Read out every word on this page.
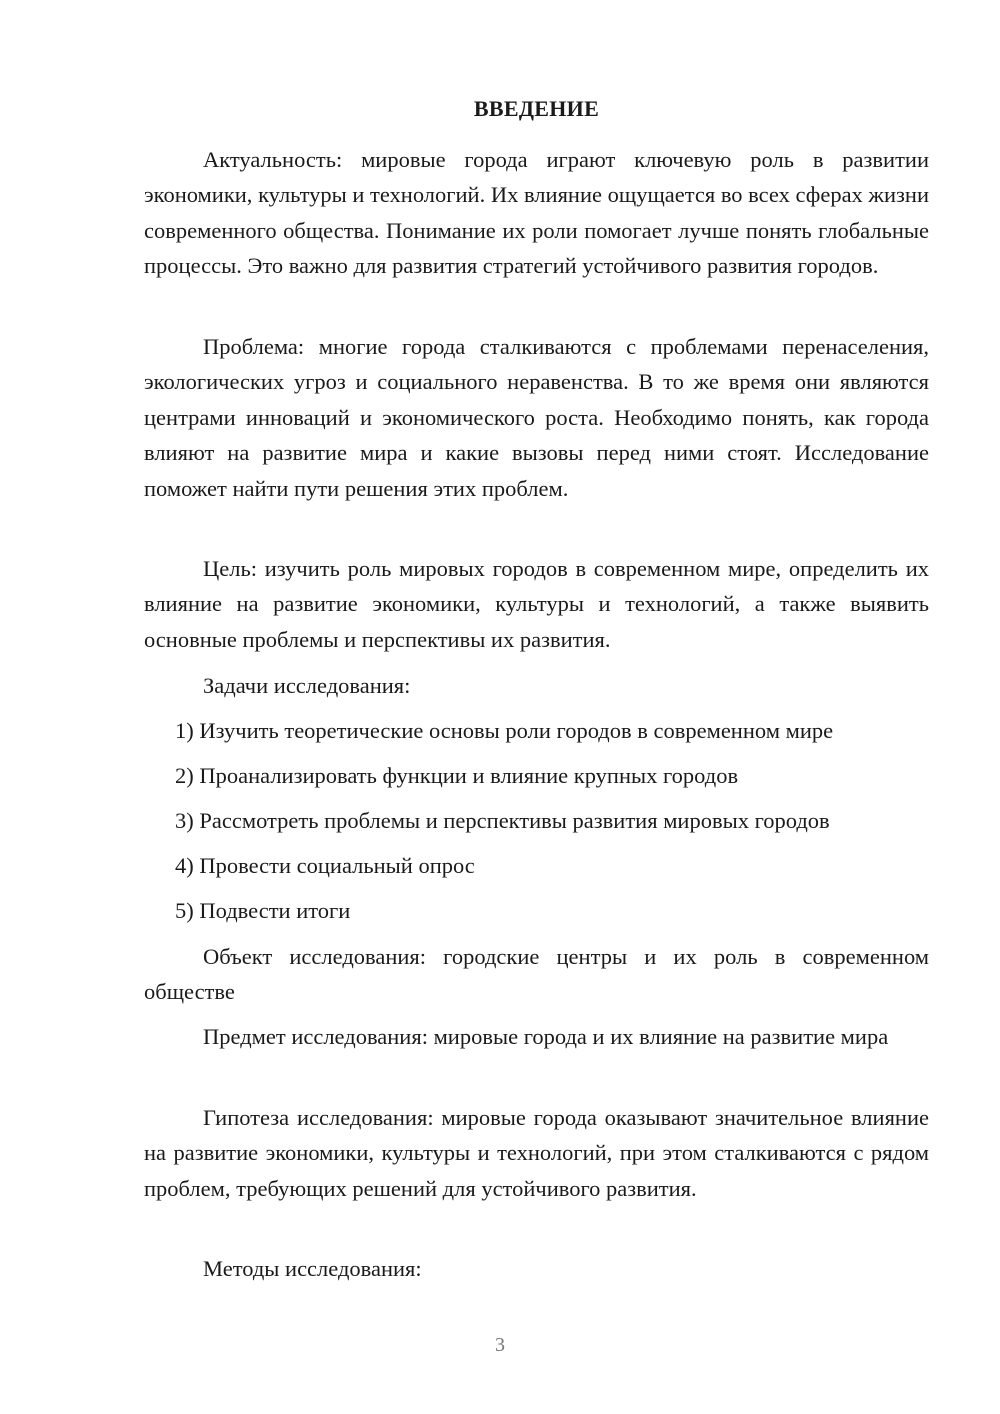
ВВЕДЕНИЕ

Актуальность: мировые города играют ключевую роль в развитии экономики, культуры и технологий. Их влияние ощущается во всех сферах жизни современного общества. Понимание их роли помогает лучше понять глобальные процессы. Это важно для развития стратегий устойчивого развития городов.

Проблема: многие города сталкиваются с проблемами перенаселения, экологических угроз и социального неравенства. В то же время они являются центрами инноваций и экономического роста. Необходимо понять, как города влияют на развитие мира и какие вызовы перед ними стоят. Исследование поможет найти пути решения этих проблем.

Цель: изучить роль мировых городов в современном мире, определить их влияние на развитие экономики, культуры и технологий, а также выявить основные проблемы и перспективы их развития.

Задачи исследования:

1) Изучить теоретические основы роли городов в современном мире

2) Проанализировать функции и влияние крупных городов

3) Рассмотреть проблемы и перспективы развития мировых городов

4) Провести социальный опрос

5) Подвести итоги

Объект исследования: городские центры и их роль в современном обществе

Предмет исследования: мировые города и их влияние на развитие мира

Гипотеза исследования: мировые города оказывают значительное влияние на развитие экономики, культуры и технологий, при этом сталкиваются с рядом проблем, требующих решений для устойчивого развития.

Методы исследования:

3
